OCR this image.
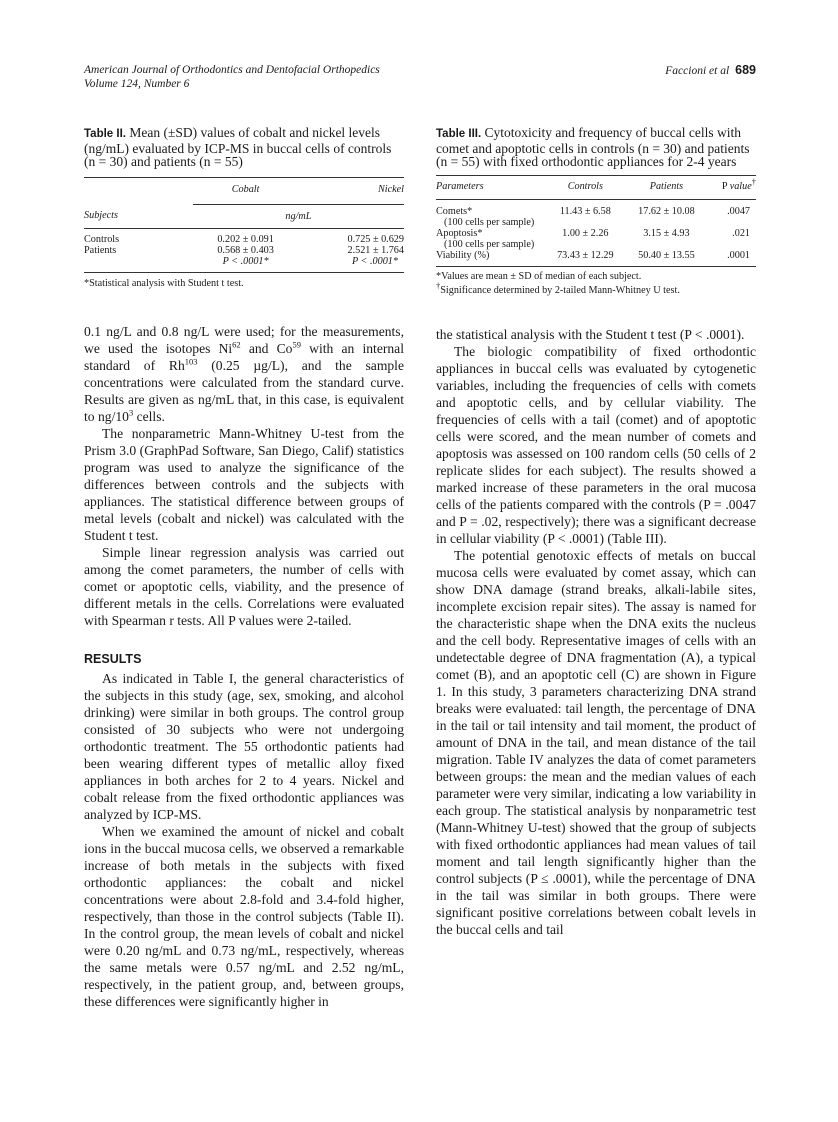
American Journal of Orthodontics and Dentofacial Orthopedics
Volume 124, Number 6
Faccioni et al 689
Table II. Mean (±SD) values of cobalt and nickel levels (ng/mL) evaluated by ICP-MS in buccal cells of controls (n = 30) and patients (n = 55)

	Cobalt	Nickel
Subjects	ng/mL	

Controls	0.202 ± 0.091	0.725 ± 0.629
Patients	0.568 ± 0.403	2.521 ± 1.764
	P < .0001*	P < .0001*

*Statistical analysis with Student t test.

0.1 ng/L and 0.8 ng/L were used; for the measurements, we used the isotopes Ni$^{62}$ and Co$^{59}$ with an internal standard of Rh$^{103}$ (0.25 µg/L), and the sample concentrations were calculated from the standard curve. Results are given as ng/mL that, in this case, is equivalent to $ng/10^3$ cells.

The nonparametric Mann-Whitney U-test from the Prism 3.0 (GraphPad Software, San Diego, Calif) statistics program was used to analyze the significance of the differences between controls and the subjects with appliances. The statistical difference between groups of metal levels (cobalt and nickel) was calculated with the Student t test.

Simple linear regression analysis was carried out among the comet parameters, the number of cells with comet or apoptotic cells, viability, and the presence of different metals in the cells. Correlations were evaluated with Spearman r tests. All P values were 2-tailed.

RESULTS

As indicated in Table I, the general characteristics of the subjects in this study (age, sex, smoking, and alcohol drinking) were similar in both groups. The control group consisted of 30 subjects who were not undergoing orthodontic treatment. The 55 orthodontic patients had been wearing different types of metallic alloy fixed appliances in both arches for 2 to 4 years. Nickel and cobalt release from the fixed orthodontic appliances was analyzed by ICP-MS.

When we examined the amount of nickel and cobalt ions in the buccal mucosa cells, we observed a remarkable increase of both metals in the subjects with fixed orthodontic appliances: the cobalt and nickel concentrations were about 2.8-fold and 3.4-fold higher, respectively, than those in the control subjects (Table II). In the control group, the mean levels of cobalt and nickel were 0.20 ng/mL and 0.73 ng/mL, respectively, whereas the same metals were 0.57 ng/mL and 2.52 ng/mL, respectively, in the patient group, and, between groups, these differences were significantly higher in

Table III. Cytotoxicity and frequency of buccal cells with comet and apoptotic cells in controls (n = 30) and patients (n = 55) with fixed orthodontic appliances for 2-4 years
Parameters	Controls	Patients	P value†

Comets*	11.43 ± 6.58	17.62 ± 10.08	.0047
(100 cells per sample)			
Apoptosis*	1.00 ± 2.26	3.15 ± 4.93	.021
(100 cells per sample)			
Viability (%)	73.43 ± 12.29	50.40 ± 13.55	.0001

*Values are mean ± SD of median of each subject.
†Significance determined by 2-tailed Mann-Whitney U test.

the statistical analysis with the Student t test (P < .0001).

The biologic compatibility of fixed orthodontic appliances in buccal cells was evaluated by cytogenetic variables, including the frequencies of cells with comets and apoptotic cells, and by cellular viability. The frequencies of cells with a tail (comet) and of apoptotic cells were scored, and the mean number of comets and apoptosis was assessed on 100 random cells (50 cells of 2 replicate slides for each subject). The results showed a marked increase of these parameters in the oral mucosa cells of the patients compared with the controls (P = .0047 and P = .02, respectively); there was a significant decrease in cellular viability (P < .0001) (Table III).

The potential genotoxic effects of metals on buccal mucosa cells were evaluated by comet assay, which can show DNA damage (strand breaks, alkali-labile sites, incomplete excision repair sites). The assay is named for the characteristic shape when the DNA exits the nucleus and the cell body. Representative images of cells with an undetectable degree of DNA fragmentation (A), a typical comet (B), and an apoptotic cell (C) are shown in Figure 1. In this study, 3 parameters characterizing DNA strand breaks were evaluated: tail length, the percentage of DNA in the tail or tail intensity and tail moment, the product of amount of DNA in the tail, and mean distance of the tail migration. Table IV analyzes the data of comet parameters between groups: the mean and the median values of each parameter were very similar, indicating a low variability in each group. The statistical analysis by nonparametric test (Mann-Whitney U-test) showed that the group of subjects with fixed orthodontic appliances had mean values of tail moment and tail length significantly higher than the control subjects (P ≤ .0001), while the percentage of DNA in the tail was similar in both groups. There were significant positive correlations between cobalt levels in the buccal cells and tail
